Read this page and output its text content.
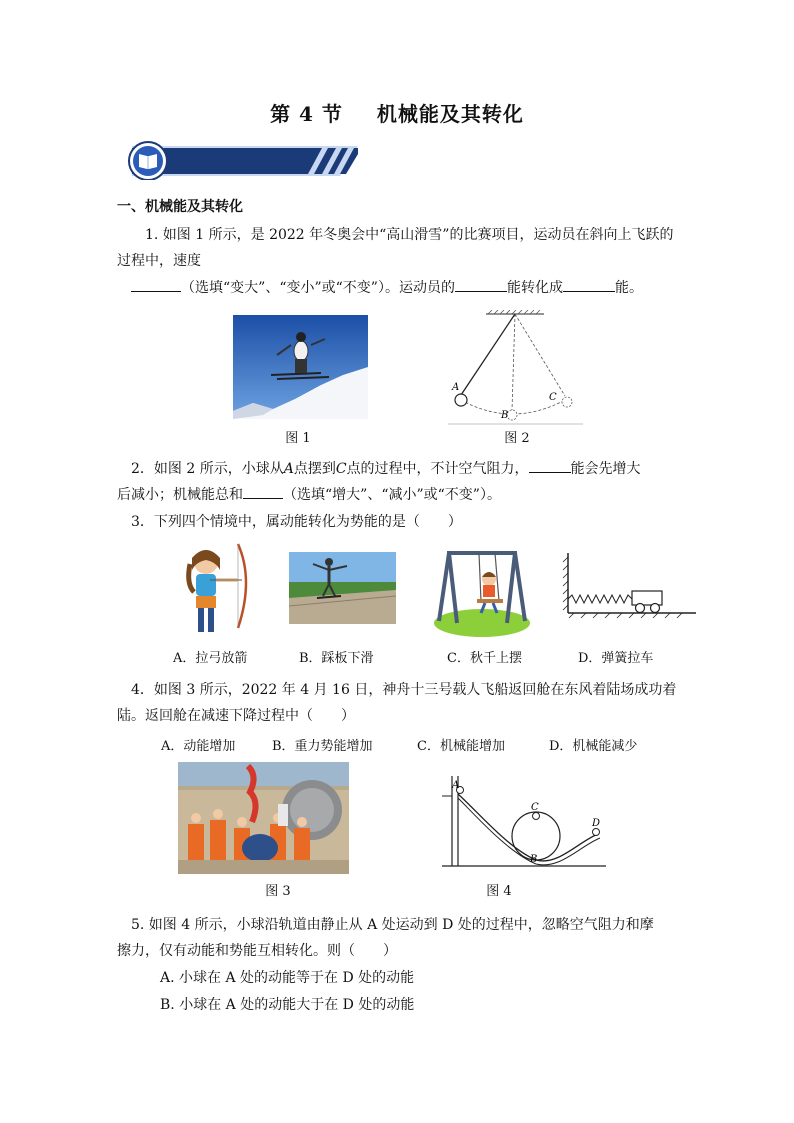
第 4 节 机械能及其转化
题型分组基础练
一、机械能及其转化
1. 如图 1 所示，是 2022 年冬奥会中“高山滑雪”的比赛项目，运动员在斜向上飞跃的
过程中，速度
（选填“变大”、“变小”或“不变”）。运动员的	能转化成	能。
图 1
A
B
C
图 2
2．如图 2 所示，小球从A点摆到C点的过程中，不计空气阻力，	能会先增大
后减小；机械能总和	（选填“增大”、“减小”或“不变”）。
3．下列四个情境中，属动能转化为势能的是（　　）
A．拉弓放箭	B．踩板下滑	C．秋千上摆	D．弹簧拉车
4．如图 3 所示，2022 年 4 月 16 日，神舟十三号载人飞船返回舱在东风着陆场成功着
陆。返回舱在减速下降过程中（　　）
A．动能增加	B．重力势能增加	C．机械能增加	D．机械能减少
图 3
A
B
C
D
图 4
5. 如图 4 所示，小球沿轨道由静止从 A 处运动到 D 处的过程中，忽略空气阻力和摩
擦力，仅有动能和势能互相转化。则（　　）
A. 小球在 A 处的动能等于在 D 处的动能
B. 小球在 A 处的动能大于在 D 处的动能
